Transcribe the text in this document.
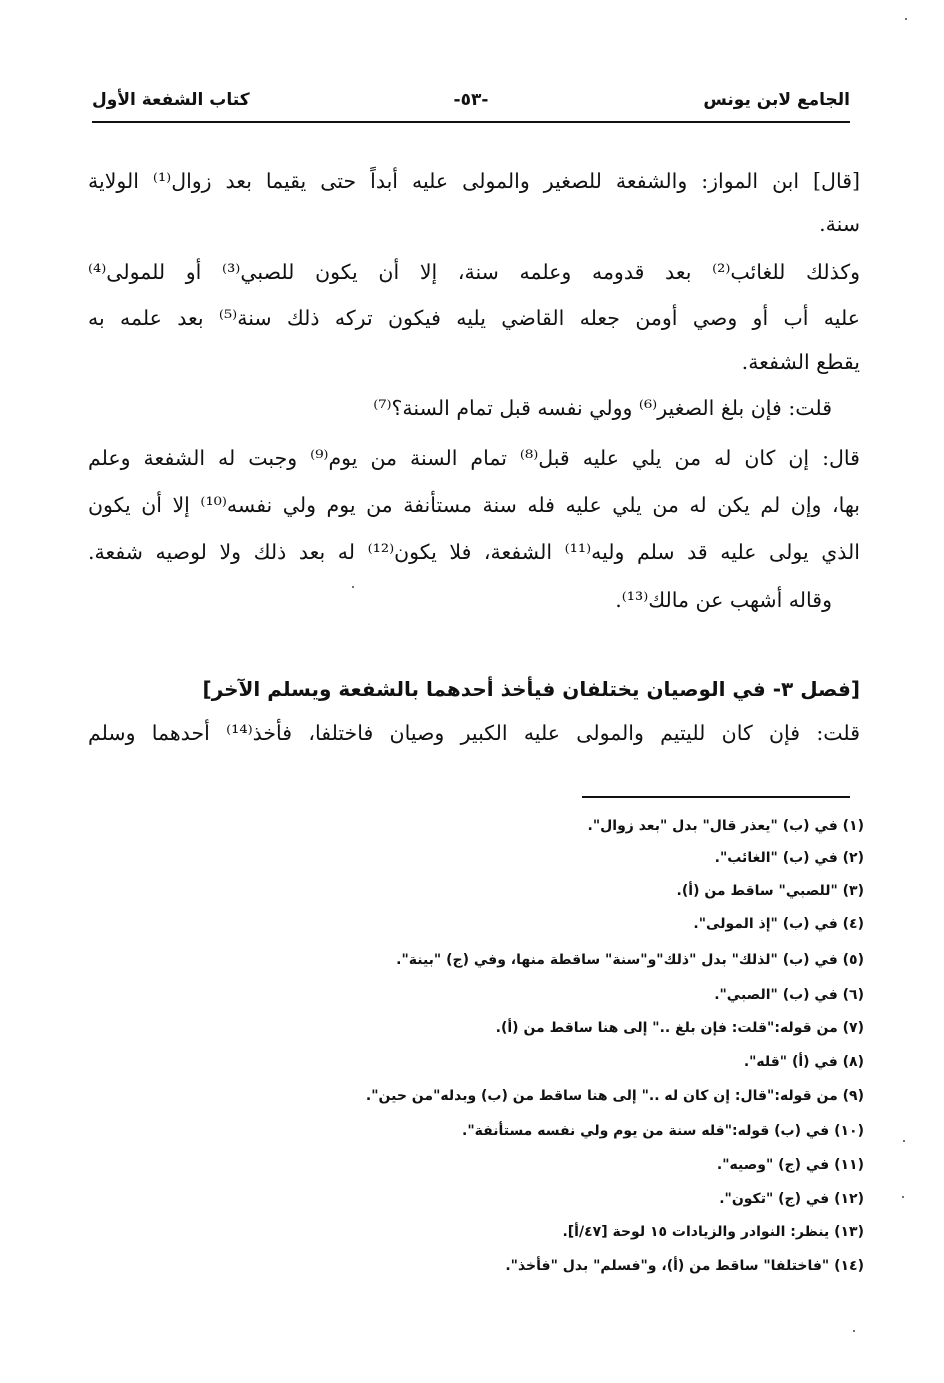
الجامع لابن يونس
-٥٣-
كتاب الشفعة الأول
[قال] ابن المواز: والشفعة للصغير والمولى عليه أبداً حتى يقيما بعد زوال⁽¹⁾ الولاية
سنة.
وكذلك للغائب⁽²⁾ بعد قدومه وعلمه سنة، إلا أن يكون للصبي⁽³⁾ أو للمولى⁽⁴⁾
عليه أب أو وصي أومن جعله القاضي يليه فيكون تركه ذلك سنة⁽⁵⁾ بعد علمه به
يقطع الشفعة.
قلت: فإن بلغ الصغير⁽⁶⁾ وولي نفسه قبل تمام السنة؟⁽⁷⁾
قال: إن كان له من يلي عليه قبل⁽⁸⁾ تمام السنة من يوم⁽⁹⁾ وجبت له الشفعة وعلم
بها، وإن لم يكن له من يلي عليه فله سنة مستأنفة من يوم ولي نفسه⁽¹⁰⁾ إلا أن يكون
الذي يولى عليه قد سلم وليه⁽¹¹⁾ الشفعة، فلا يكون⁽¹²⁾ له بعد ذلك ولا لوصيه شفعة.
وقاله أشهب عن مالك⁽¹³⁾.
[فصل ٣- في الوصيان يختلفان فيأخذ أحدهما بالشفعة ويسلم الآخر]
قلت: فإن كان لليتيم والمولى عليه الكبير وصيان فاختلفا، فأخذ⁽¹⁴⁾ أحدهما وسلم
(١) في (ب) "يعذر قال" بدل "بعد زوال".
(٢) في (ب) "الغائب".
(٣) "للصبي" ساقط من (أ).
(٤) في (ب) "إذ المولى".
(٥) في (ب) "لذلك" بدل "ذلك"و"سنة" ساقطة منها، وفي (ج) "بينة".
(٦) في (ب) "الصبي".
(٧) من قوله:"قلت: فإن بلغ .." إلى هنا ساقط من (أ).
(٨) في (أ) "قله".
(٩) من قوله:"قال: إن كان له .." إلى هنا ساقط من (ب) وبدله"من حين".
(١٠) في (ب) قوله:"فله سنة من يوم ولي نفسه مستأنفة".
(١١) في (ج) "وصيه".
(١٢) في (ج) "تكون".
(١٣) ينظر: النوادر والزيادات ١٥ لوحة [٤٧/أ].
(١٤) "فاختلفا" ساقط من (أ)، و"فسلم" بدل "فأخذ".
